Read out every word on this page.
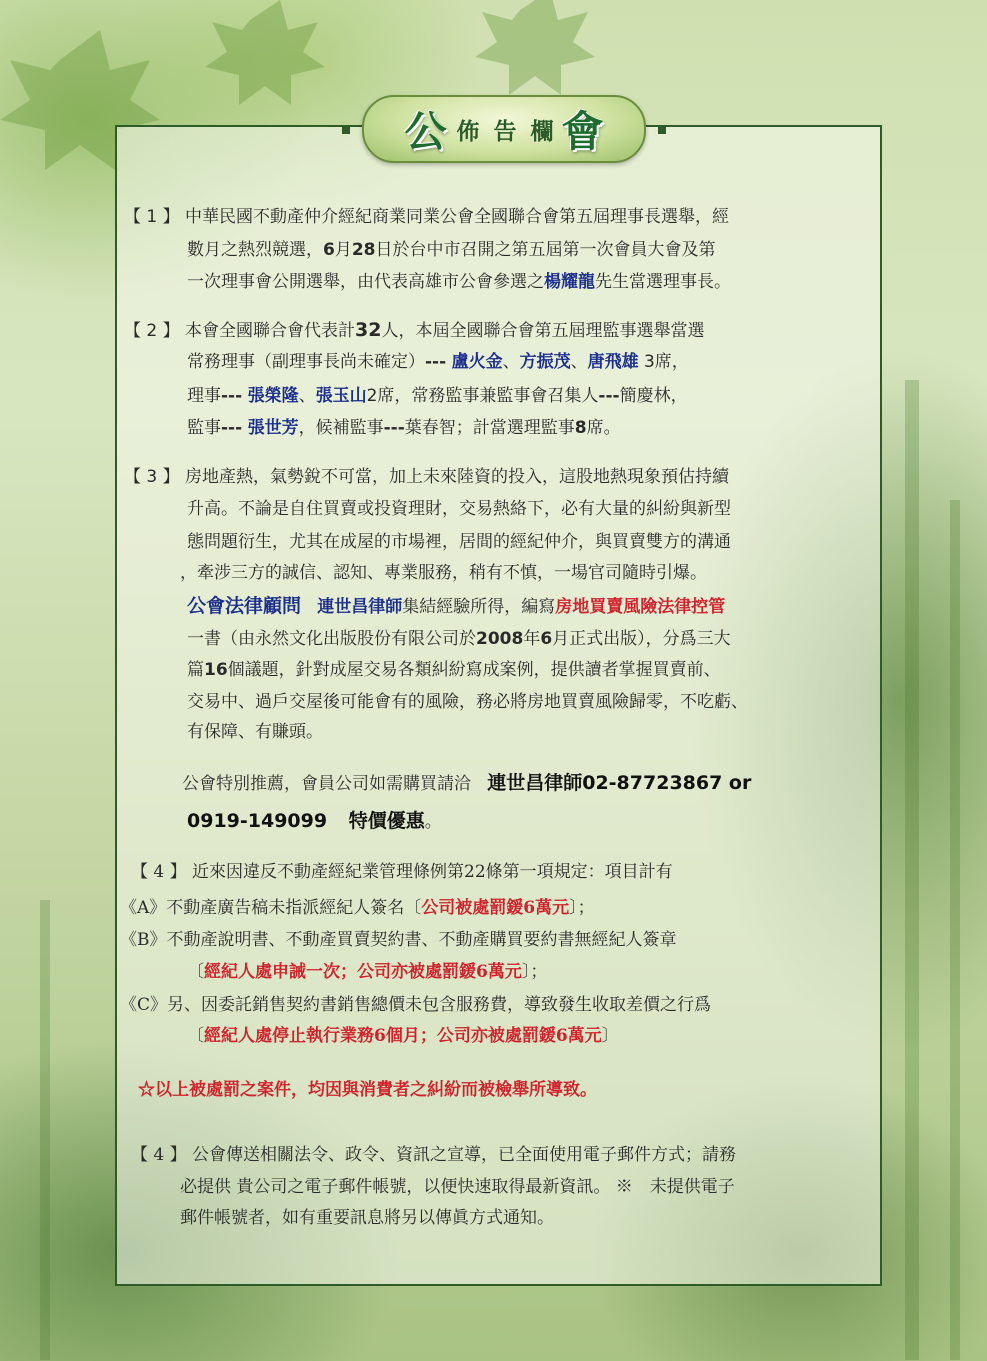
公 佈告欄
會
【 1 】 中華民國不動產仲介經紀商業同業公會全國聯合會第五屆理事長選舉，經
數月之熱烈競選，6月28日於台中市召開之第五屆第一次會員大會及第
一次理事會公開選舉，由代表高雄市公會參選之楊耀龍先生當選理事長。
【 2 】 本會全國聯合會代表計32人，本屆全國聯合會第五屆理監事選舉當選
常務理事（副理事長尚未確定）--- 盧火金、方振茂、唐飛雄 3席，
理事--- 張榮隆、張玉山2席，常務監事兼監事會召集人---簡慶林，
監事--- 張世芳，候補監事---葉春智；計當選理監事8席。
【 3 】 房地產熱，氣勢銳不可當，加上未來陸資的投入，這股地熱現象預估持續
升高。不論是自住買賣或投資理財，交易熱絡下，必有大量的糾紛與新型
態問題衍生，尤其在成屋的市場裡，居間的經紀仲介，與買賣雙方的溝通
，牽涉三方的誠信、認知、專業服務，稍有不慎，一場官司隨時引爆。
公會法律顧問 連世昌律師集結經驗所得，編寫房地買賣風險法律控管
一書（由永然文化出版股份有限公司於2008年6月正式出版），分爲三大
篇16個議題，針對成屋交易各類糾紛寫成案例，提供讀者掌握買賣前、
交易中、過戶交屋後可能會有的風險，務必將房地買賣風險歸零，不吃虧、
有保障、有賺頭。
公會特別推薦，會員公司如需購買請洽 連世昌律師02-87723867 or
0919-149099 特價優惠。
【 4 】 近來因違反不動產經紀業管理條例第22條第一項規定：項目計有
《A》不動產廣告稿未指派經紀人簽名〔公司被處罰鍰6萬元〕；
《B》不動產說明書、不動產買賣契約書、不動產購買要約書無經紀人簽章
〔經紀人處申誡一次；公司亦被處罰鍰6萬元〕；
《C》另、因委託銷售契約書銷售總價未包含服務費，導致發生收取差價之行爲
〔經紀人處停止執行業務6個月；公司亦被處罰鍰6萬元〕
☆以上被處罰之案件，均因與消費者之糾紛而被檢舉所導致。
【 4 】 公會傳送相關法令、政令、資訊之宣導，已全面使用電子郵件方式；請務
必提供 貴公司之電子郵件帳號，以便快速取得最新資訊。 ※　未提供電子
郵件帳號者，如有重要訊息將另以傳眞方式通知。
